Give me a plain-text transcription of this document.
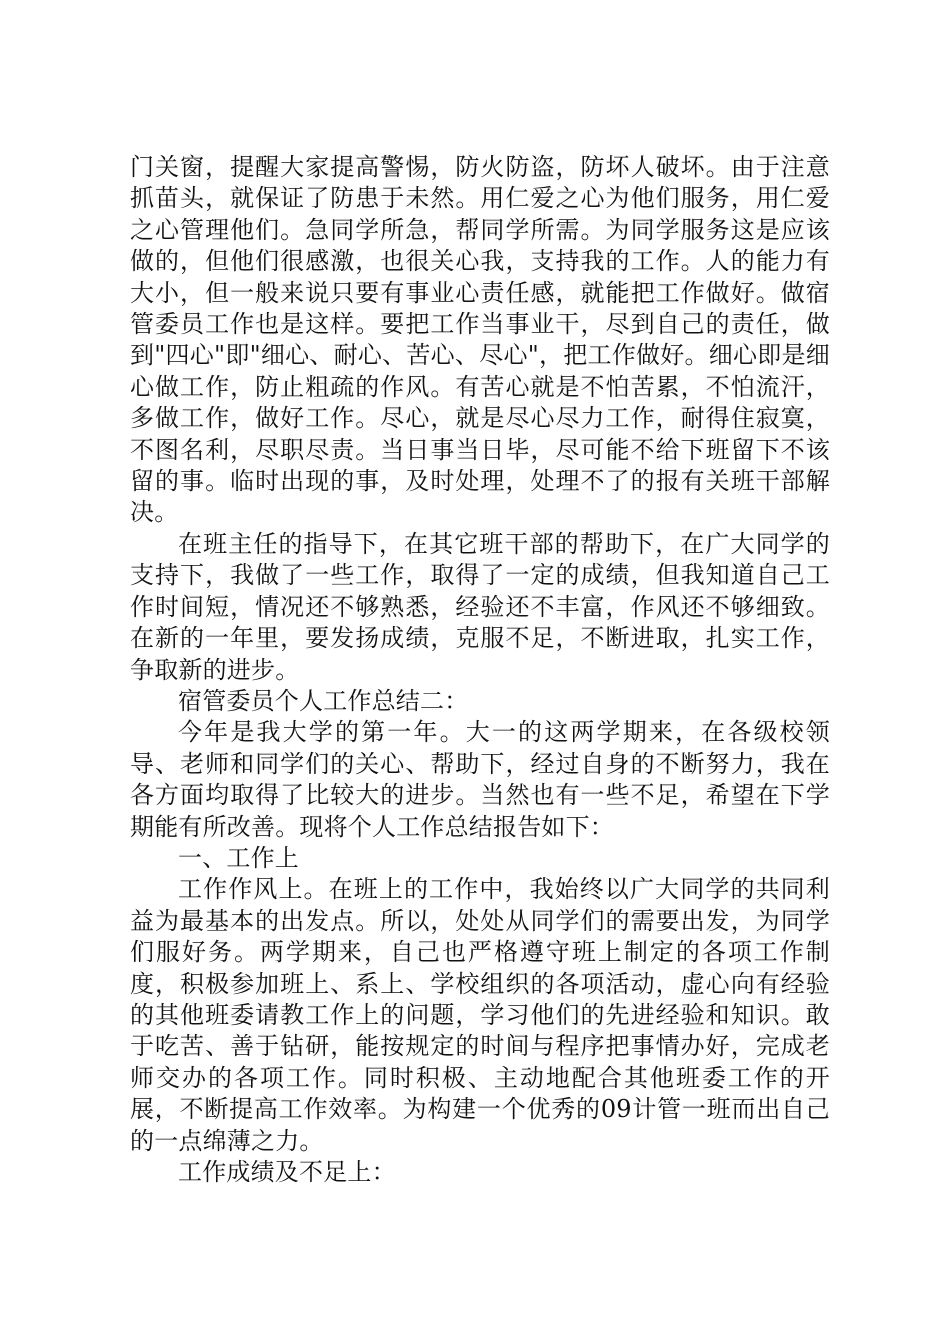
门关窗，提醒大家提高警惕，防火防盗，防坏人破坏。由于注意抓苗头，就保证了防患于未然。用仁爱之心为他们服务，用仁爱之心管理他们。急同学所急，帮同学所需。为同学服务这是应该做的，但他们很感激，也很关心我，支持我的工作。人的能力有大小，但一般来说只要有事业心责任感，就能把工作做好。做宿管委员工作也是这样。要把工作当事业干，尽到自己的责任，做到"四心"即"细心、耐心、苦心、尽心"，把工作做好。细心即是细心做工作，防止粗疏的作风。有苦心就是不怕苦累，不怕流汗，多做工作，做好工作。尽心，就是尽心尽力工作，耐得住寂寞，不图名利，尽职尽责。当日事当日毕，尽可能不给下班留下不该留的事。临时出现的事，及时处理，处理不了的报有关班干部解决。

在班主任的指导下，在其它班干部的帮助下，在广大同学的支持下，我做了一些工作，取得了一定的成绩，但我知道自己工作时间短，情况还不够熟悉，经验还不丰富，作风还不够细致。在新的一年里，要发扬成绩，克服不足，不断进取，扎实工作，争取新的进步。

宿管委员个人工作总结二：

今年是我大学的第一年。大一的这两学期来，在各级校领导、老师和同学们的关心、帮助下，经过自身的不断努力，我在各方面均取得了比较大的进步。当然也有一些不足，希望在下学期能有所改善。现将个人工作总结报告如下：

一、工作上

工作作风上。在班上的工作中，我始终以广大同学的共同利益为最基本的出发点。所以，处处从同学们的需要出发，为同学们服好务。两学期来，自己也严格遵守班上制定的各项工作制度，积极参加班上、系上、学校组织的各项活动，虚心向有经验的其他班委请教工作上的问题，学习他们的先进经验和知识。敢于吃苦、善于钻研，能按规定的时间与程序把事情办好，完成老师交办的各项工作。同时积极、主动地配合其他班委工作的开展，不断提高工作效率。为构建一个优秀的09计管一班而出自己的一点绵薄之力。

工作成绩及不足上：
